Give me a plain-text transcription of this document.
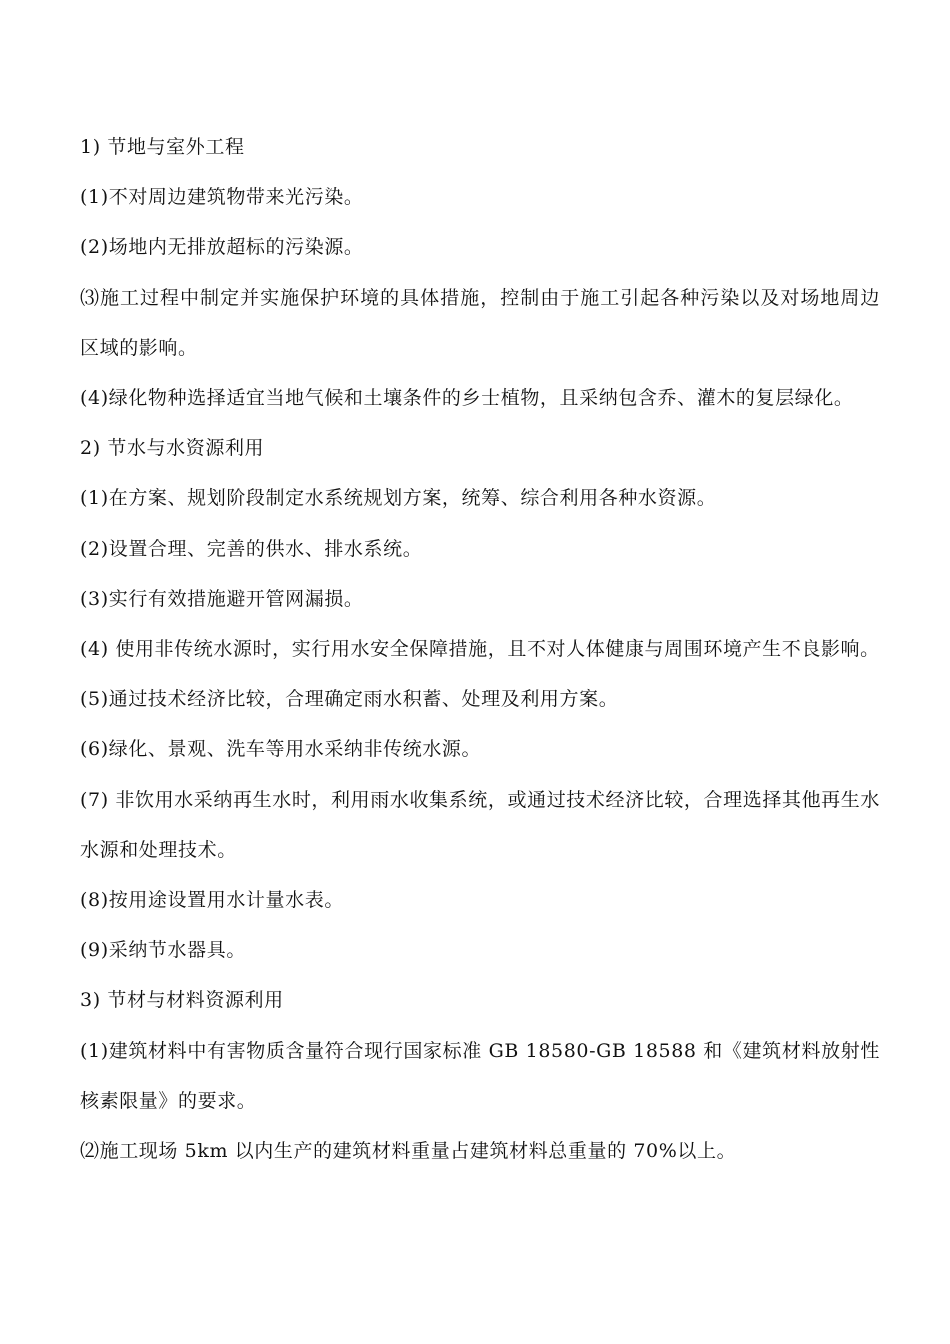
1) 节地与室外工程

(1)不对周边建筑物带来光污染。

(2)场地内无排放超标的污染源。

⑶施工过程中制定并实施保护环境的具体措施，控制由于施工引起各种污染以及对场地周边区域的影响。

(4)绿化物种选择适宜当地气候和土壤条件的乡士植物，且采纳包含乔、灌木的复层绿化。

2) 节水与水资源利用

(1)在方案、规划阶段制定水系统规划方案，统筹、综合利用各种水资源。

(2)设置合理、完善的供水、排水系统。

(3)实行有效措施避开管网漏损。

(4) 使用非传统水源时，实行用水安全保障措施，且不对人体健康与周围环境产生不良影响。

(5)通过技术经济比较，合理确定雨水积蓄、处理及利用方案。

(6)绿化、景观、洗车等用水采纳非传统水源。

(7) 非饮用水采纳再生水时，利用雨水收集系统，或通过技术经济比较，合理选择其他再生水水源和处理技术。

(8)按用途设置用水计量水表。

(9)采纳节水器具。

3) 节材与材料资源利用

(1)建筑材料中有害物质含量符合现行国家标准 GB 18580-GB 18588 和《建筑材料放射性核素限量》的要求。

⑵施工现场 5km 以内生产的建筑材料重量占建筑材料总重量的 70%以上。
